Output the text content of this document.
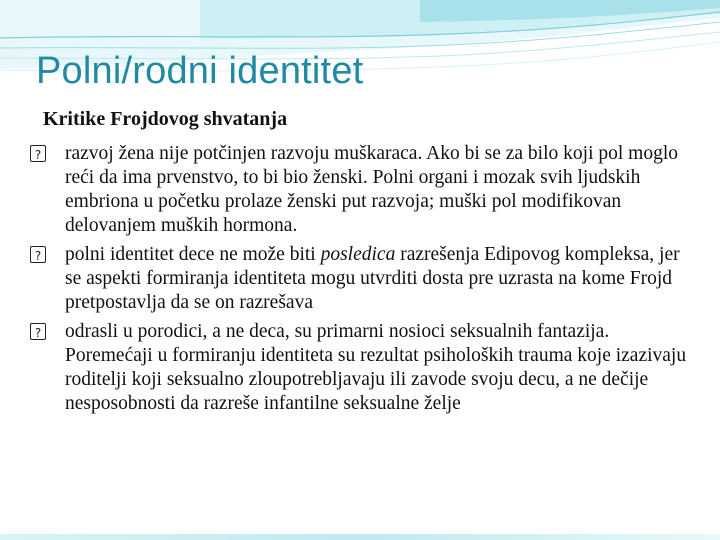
Polni/rodni identitet
Kritike Frojdovog shvatanja
?
razvoj žena nije potčinjen razvoju muškaraca. Ako bi se za bilo koji pol moglo reći da ima prvenstvo, to bi bio ženski. Polni organi i mozak svih ljudskih embriona u početku prolaze ženski put razvoja; muški pol modifikovan delovanjem muških hormona.
?
polni identitet dece ne može biti posledica razrešenja Edipovog kompleksa, jer se aspekti formiranja identiteta mogu utvrditi dosta pre uzrasta na kome Frojd pretpostavlja da se on razrešava
?
odrasli u porodici, a ne deca, su primarni nosioci seksualnih fantazija. Poremećaji u formiranju identiteta su rezultat psiholoških trauma koje izazivaju roditelji koji seksualno zloupotrebljavaju ili zavode svoju decu, a ne dečije nesposobnosti da razreše infantilne seksualne želje
